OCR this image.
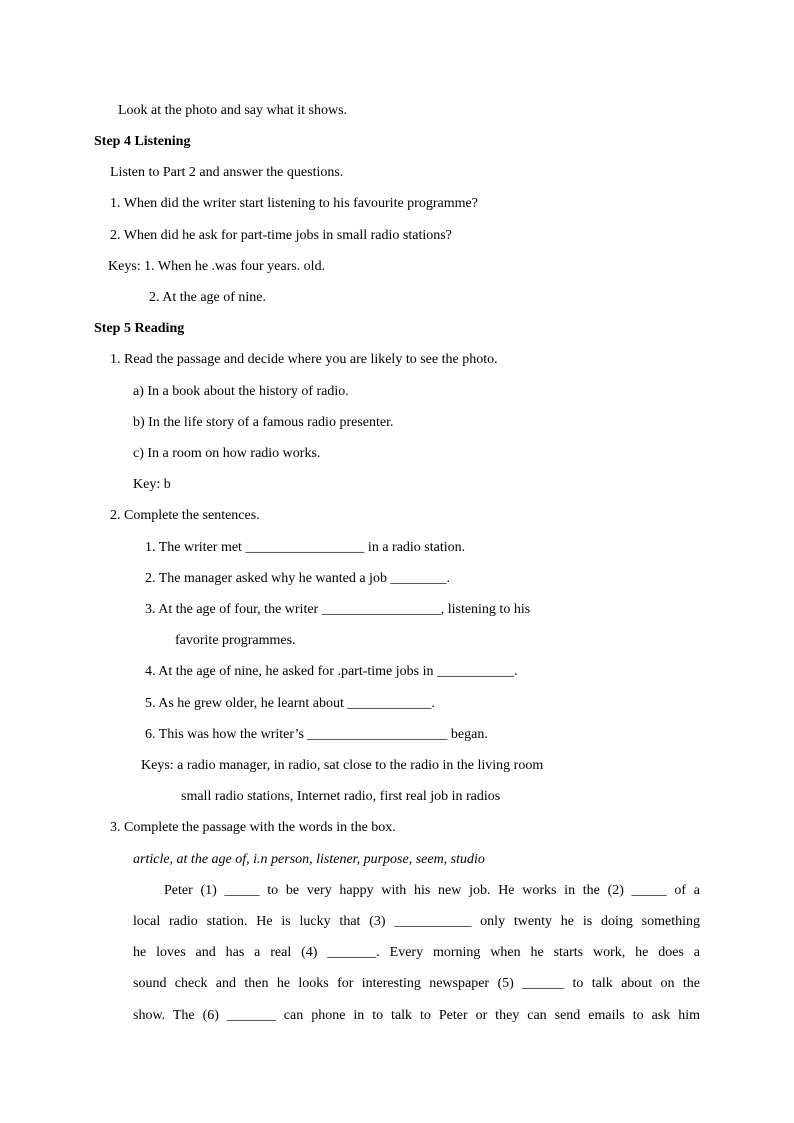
Look at the photo and say what it shows.
Step 4 Listening
Listen to Part 2 and answer the questions.
1. When did the writer start listening to his favourite programme?
2. When did he ask for part-time jobs in small radio stations?
Keys: 1. When he .was four years. old.
2. At the age of nine.
Step 5 Reading
1. Read the passage and decide where you are likely to see the photo.
a) In a book about the history of radio.
b) In the life story of a famous radio presenter.
c) In a room on how radio works.
Key: b
2. Complete the sentences.
1. The writer met _________________ in a radio station.
2. The manager asked why he wanted a job ________.
3. At the age of four, the writer _________________, listening to his
favorite programmes.
4. At the age of nine, he asked for .part-time jobs in ___________.
5. As he grew older, he learnt about ____________.
6. This was how the writer’s ____________________ began.
Keys: a radio manager, in radio, sat close to the radio in the living room
small radio stations, Internet radio, first real job in radios
3. Complete the passage with the words in the box.
article, at the age of, i.n person, listener, purpose, seem, studio
Peter (1) _____ to be very happy with his new job. He works in the (2) _____ of a
local radio station. He is lucky that (3) ___________ only twenty he is doing something
he loves and has a real (4) _______. Every morning when he starts work, he does a
sound check and then he looks for interesting newspaper (5) ______ to talk about on the
show. The (6) _______ can phone in to talk to Peter or they can send emails to ask him
